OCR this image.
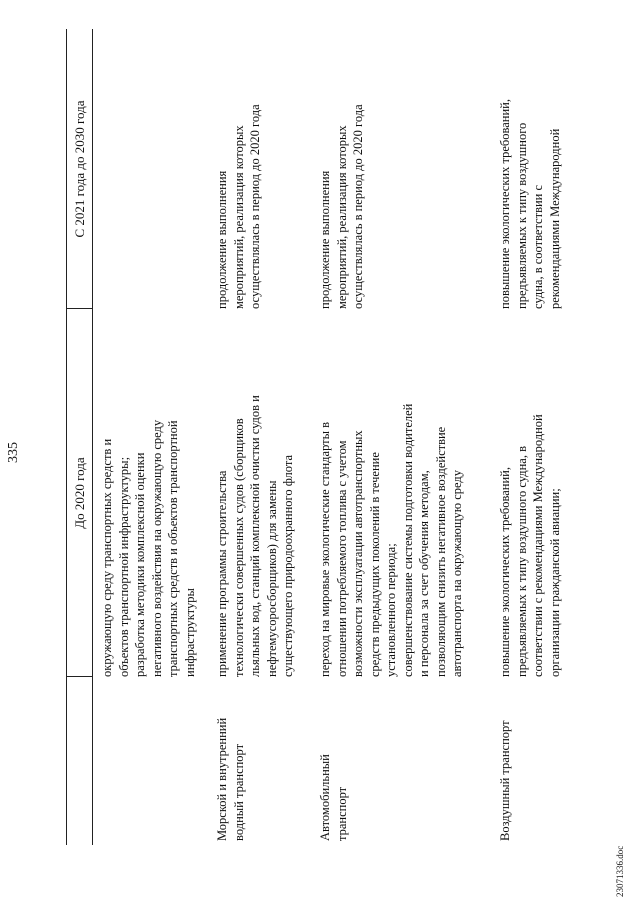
335
23071336.doc
До 2020 года
С 2021 года до 2030 года
окружающую среду транспортных средств и объектов транспортной инфраструктуры; разработка методики комплексной оценки негативного воздействия на окружающую среду транспортных средств и объектов транспортной инфраструктуры
Морской и внутренний водный транспорт
применение программы строительства технологически совершенных судов (сборщиков льяльных вод, станций комплексной очистки судов и нефтемусоросборщиков) для замены существующего природоохранного флота
продолжение выполнения мероприятий, реализация которых осуществлялась в период до 2020 года
Автомобильный транспорт
переход на мировые экологические стандарты в отношении потребляемого топлива с учетом возможности эксплуатации автотранспортных средств предыдущих поколений в течение установленного периода; совершенствование системы подготовки водителей и персонала за счет обучения методам, позволяющим снизить негативное воздействие автотранспорта на окружающую среду
продолжение выполнения мероприятий, реализация которых осуществлялась в период до 2020 года
Воздушный транспорт
повышение экологических требований, предъявляемых к типу воздушного судна, в соответствии с рекомендациями Международной организации гражданской авиации;
повышение экологических требований, предъявляемых к типу воздушного судна, в соответствии с рекомендациями Международной
